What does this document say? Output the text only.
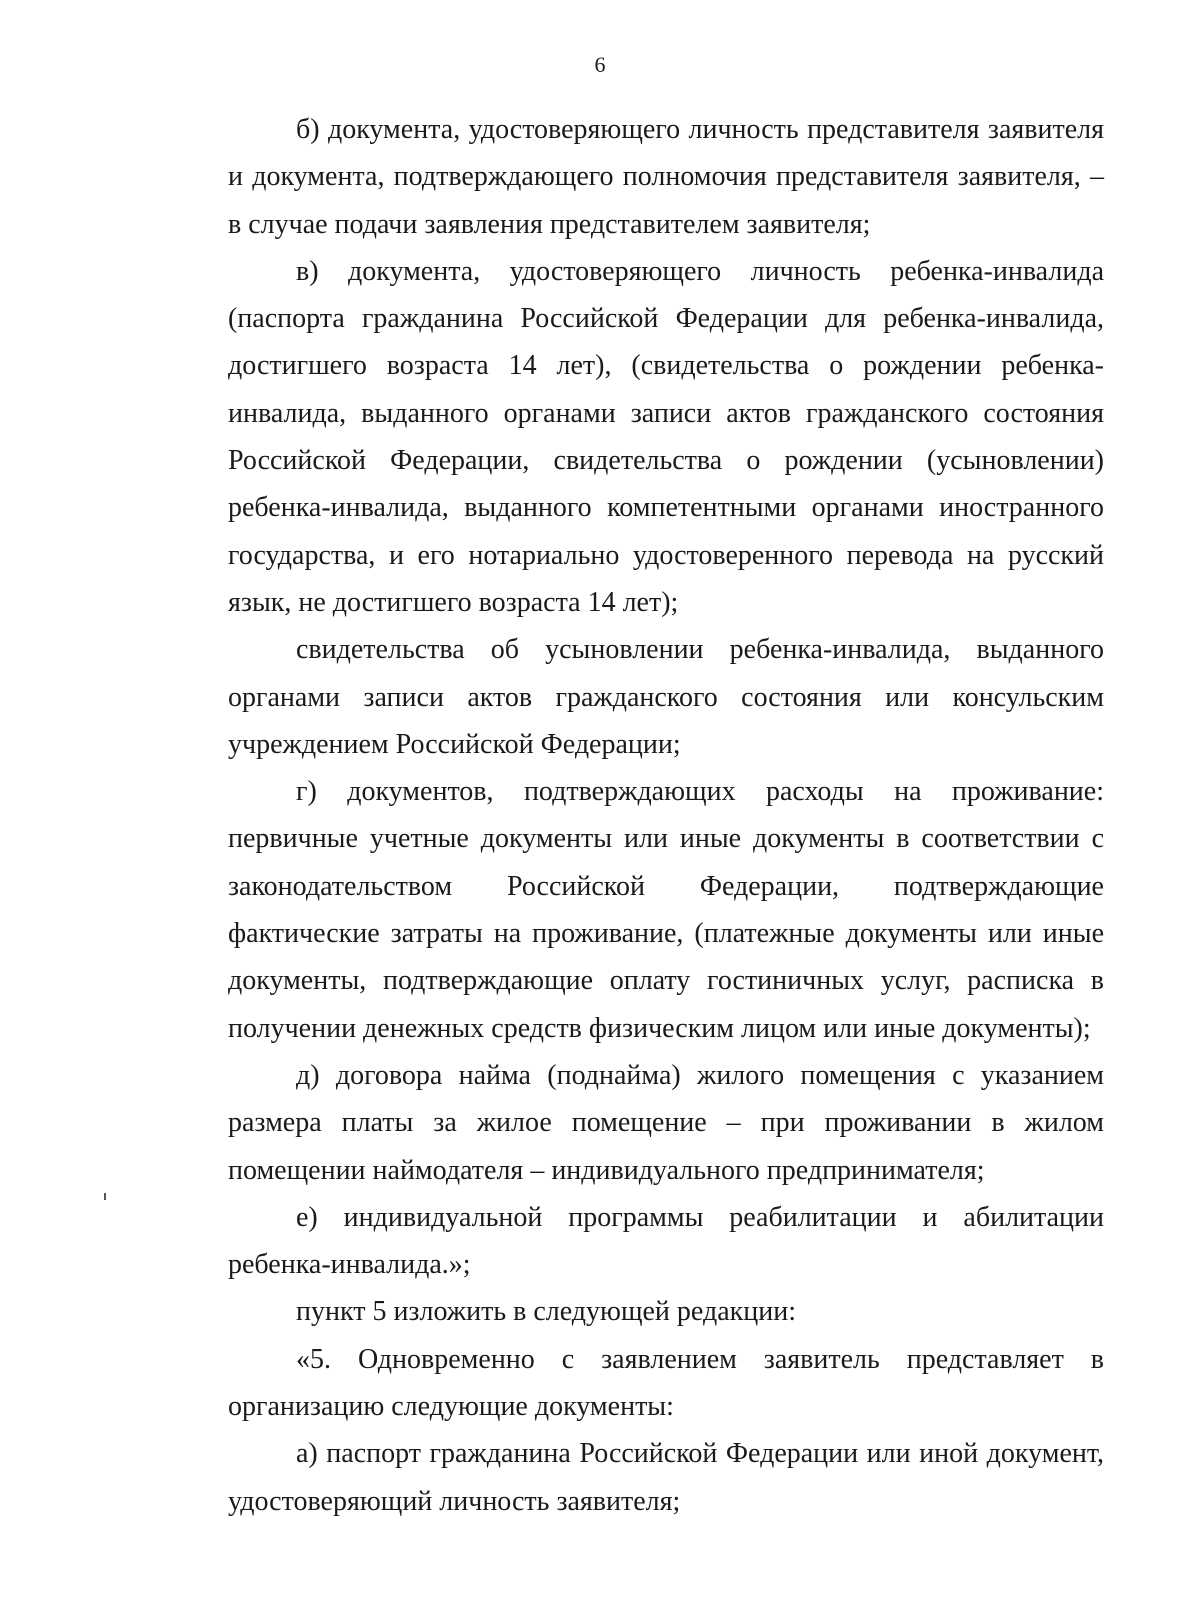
6

б) документа, удостоверяющего личность представителя заявителя и документа, подтверждающего полномочия представителя заявителя, – в случае подачи заявления представителем заявителя;

в) документа, удостоверяющего личность ребенка-инвалида (паспорта гражданина Российской Федерации для ребенка-инвалида, достигшего возраста 14 лет), (свидетельства о рождении ребенка-инвалида, выданного органами записи актов гражданского состояния Российской Федерации, свидетельства о рождении (усыновлении) ребенка-инвалида, выданного компетентными органами иностранного государства, и его нотариально удостоверенного перевода на русский язык, не достигшего возраста 14 лет);

свидетельства об усыновлении ребенка-инвалида, выданного органами записи актов гражданского состояния или консульским учреждением Российской Федерации;

г) документов, подтверждающих расходы на проживание: первичные учетные документы или иные документы в соответствии с законодательством Российской Федерации, подтверждающие фактические затраты на проживание, (платежные документы или иные документы, подтверждающие оплату гостиничных услуг, расписка в получении денежных средств физическим лицом или иные документы);

д) договора найма (поднайма) жилого помещения с указанием размера платы за жилое помещение – при проживании в жилом помещении наймодателя – индивидуального предпринимателя;

е) индивидуальной программы реабилитации и абилитации ребенка-инвалида.»;

пункт 5 изложить в следующей редакции:

«5. Одновременно с заявлением заявитель представляет в организацию следующие документы:

а) паспорт гражданина Российской Федерации или иной документ, удостоверяющий личность заявителя;
